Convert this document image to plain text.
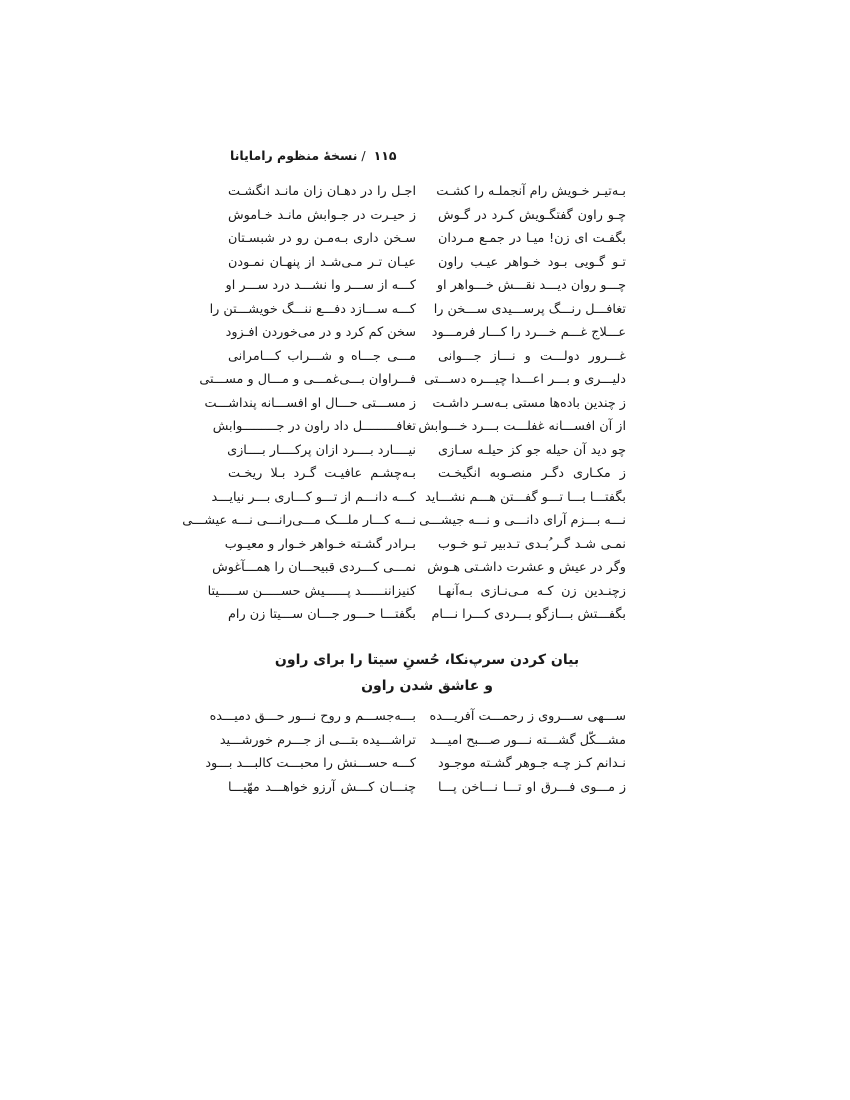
۱۱۵/نسخهٔ منظوم رامایانا
بـه‌تیـر خـویش رام آنجملـه را کشـت
اجـل را در دهـان زان مانـد انگشـت
چـو راون گفتگـویش کـرد در گـوش
ز حیـرت در جـوابش مانـد خـاموش
بگفـت ای زن! میـا در جمـع مـردان
سـخن داری بـه‌مـن رو در شبسـتان
تـو گـویی بـود خـواهر عیـب راون
عیـان تـر مـی‌شـد از پنهـان نمـودن
چـــو روان دیـــد نقـــش خـــواهر او
کـــه از ســـر وا نشـــد درد ســـر او
تغافـــل رنـــگ پرســـیدی ســـخن را
کـــه ســـازد دفـــع ننـــگ خویشـــتن را
عـــلاج غـــم خـــرد را کـــار فرمـــود
سخن کم کرد و در می‌خوردن افـزود
غـــرور دولـــت و نـــاز جـــوانی
مـــی جـــاه و شـــراب کـــامرانی
دلیـــری و بـــر اعـــدا چیـــره دســـتی
فـــراوان بـــی‌غمـــی و مـــال و مســـتی
ز چندین باده‌ها مستی بـه‌سـر داشـت
ز مســـتی حـــال او افســـانه پنداشـــت
از آن افســـانه غفلـــت بـــرد خـــوابش
تغافـــــــــل داد راون در جـــــــــوابش
چو دید آن حیله جو کز حیلـه سـازی
نیــــارد بــــرد ازان پرکــــار بــــازی
ز مکـاری دگـر منصـوبه انگیخـت
بـه‌چشـم عافیـت گـرد بـلا ریخـت
بگفتـــا بـــا تـــو گفـــتن هـــم نشـــاید
کـــه دانـــم از تـــو کـــاری بـــر نیایـــد
نـــه بـــزم آرای دانـــی و نـــه جیشـــی
نـــه کـــار ملـــک مـــی‌رانـــی نـــه عیشـــی
نمـی شـد گـر ُبـدی تـدبیر تـو خـوب
بـرادر گشـته خـواهر خـوار و معیـوب
وگر در عیش و عشرت داشـتی هـوش
نمـــی کـــردی قبیحـــان را همـــآغوش
زچنـدین زن کـه مـی‌نـازی بـه‌آنهـا
کنیزاننــــــد پــــــیش حســـــن ســـــیتا
بگفـــتش بـــازگو بـــردی کـــرا نـــام
بگفتـــا حـــور جـــان ســـیتا زن رام
بیان کردن سرپ‌نکا، حُسنِ سیتا را برای راون
و عاشق شدن راون
ســـهی ســـروی ز رحمـــت آفریـــده
بـــه‌جســـم و روح نـــور حـــق دمیـــده
مشـــکّل گشـــته نـــور صـــبح امیـــد
تراشـــیده بتـــی از جـــرم خورشـــید
نـدانم کـز چـه جـوهر گشـته موجـود
کـــه حســـنش را محبـــت کالبـــد بـــود
ز مـــوی فـــرق او تـــا نـــاخن پـــا
چنـــان کـــش آرزو خواهـــد مهّیـــا
